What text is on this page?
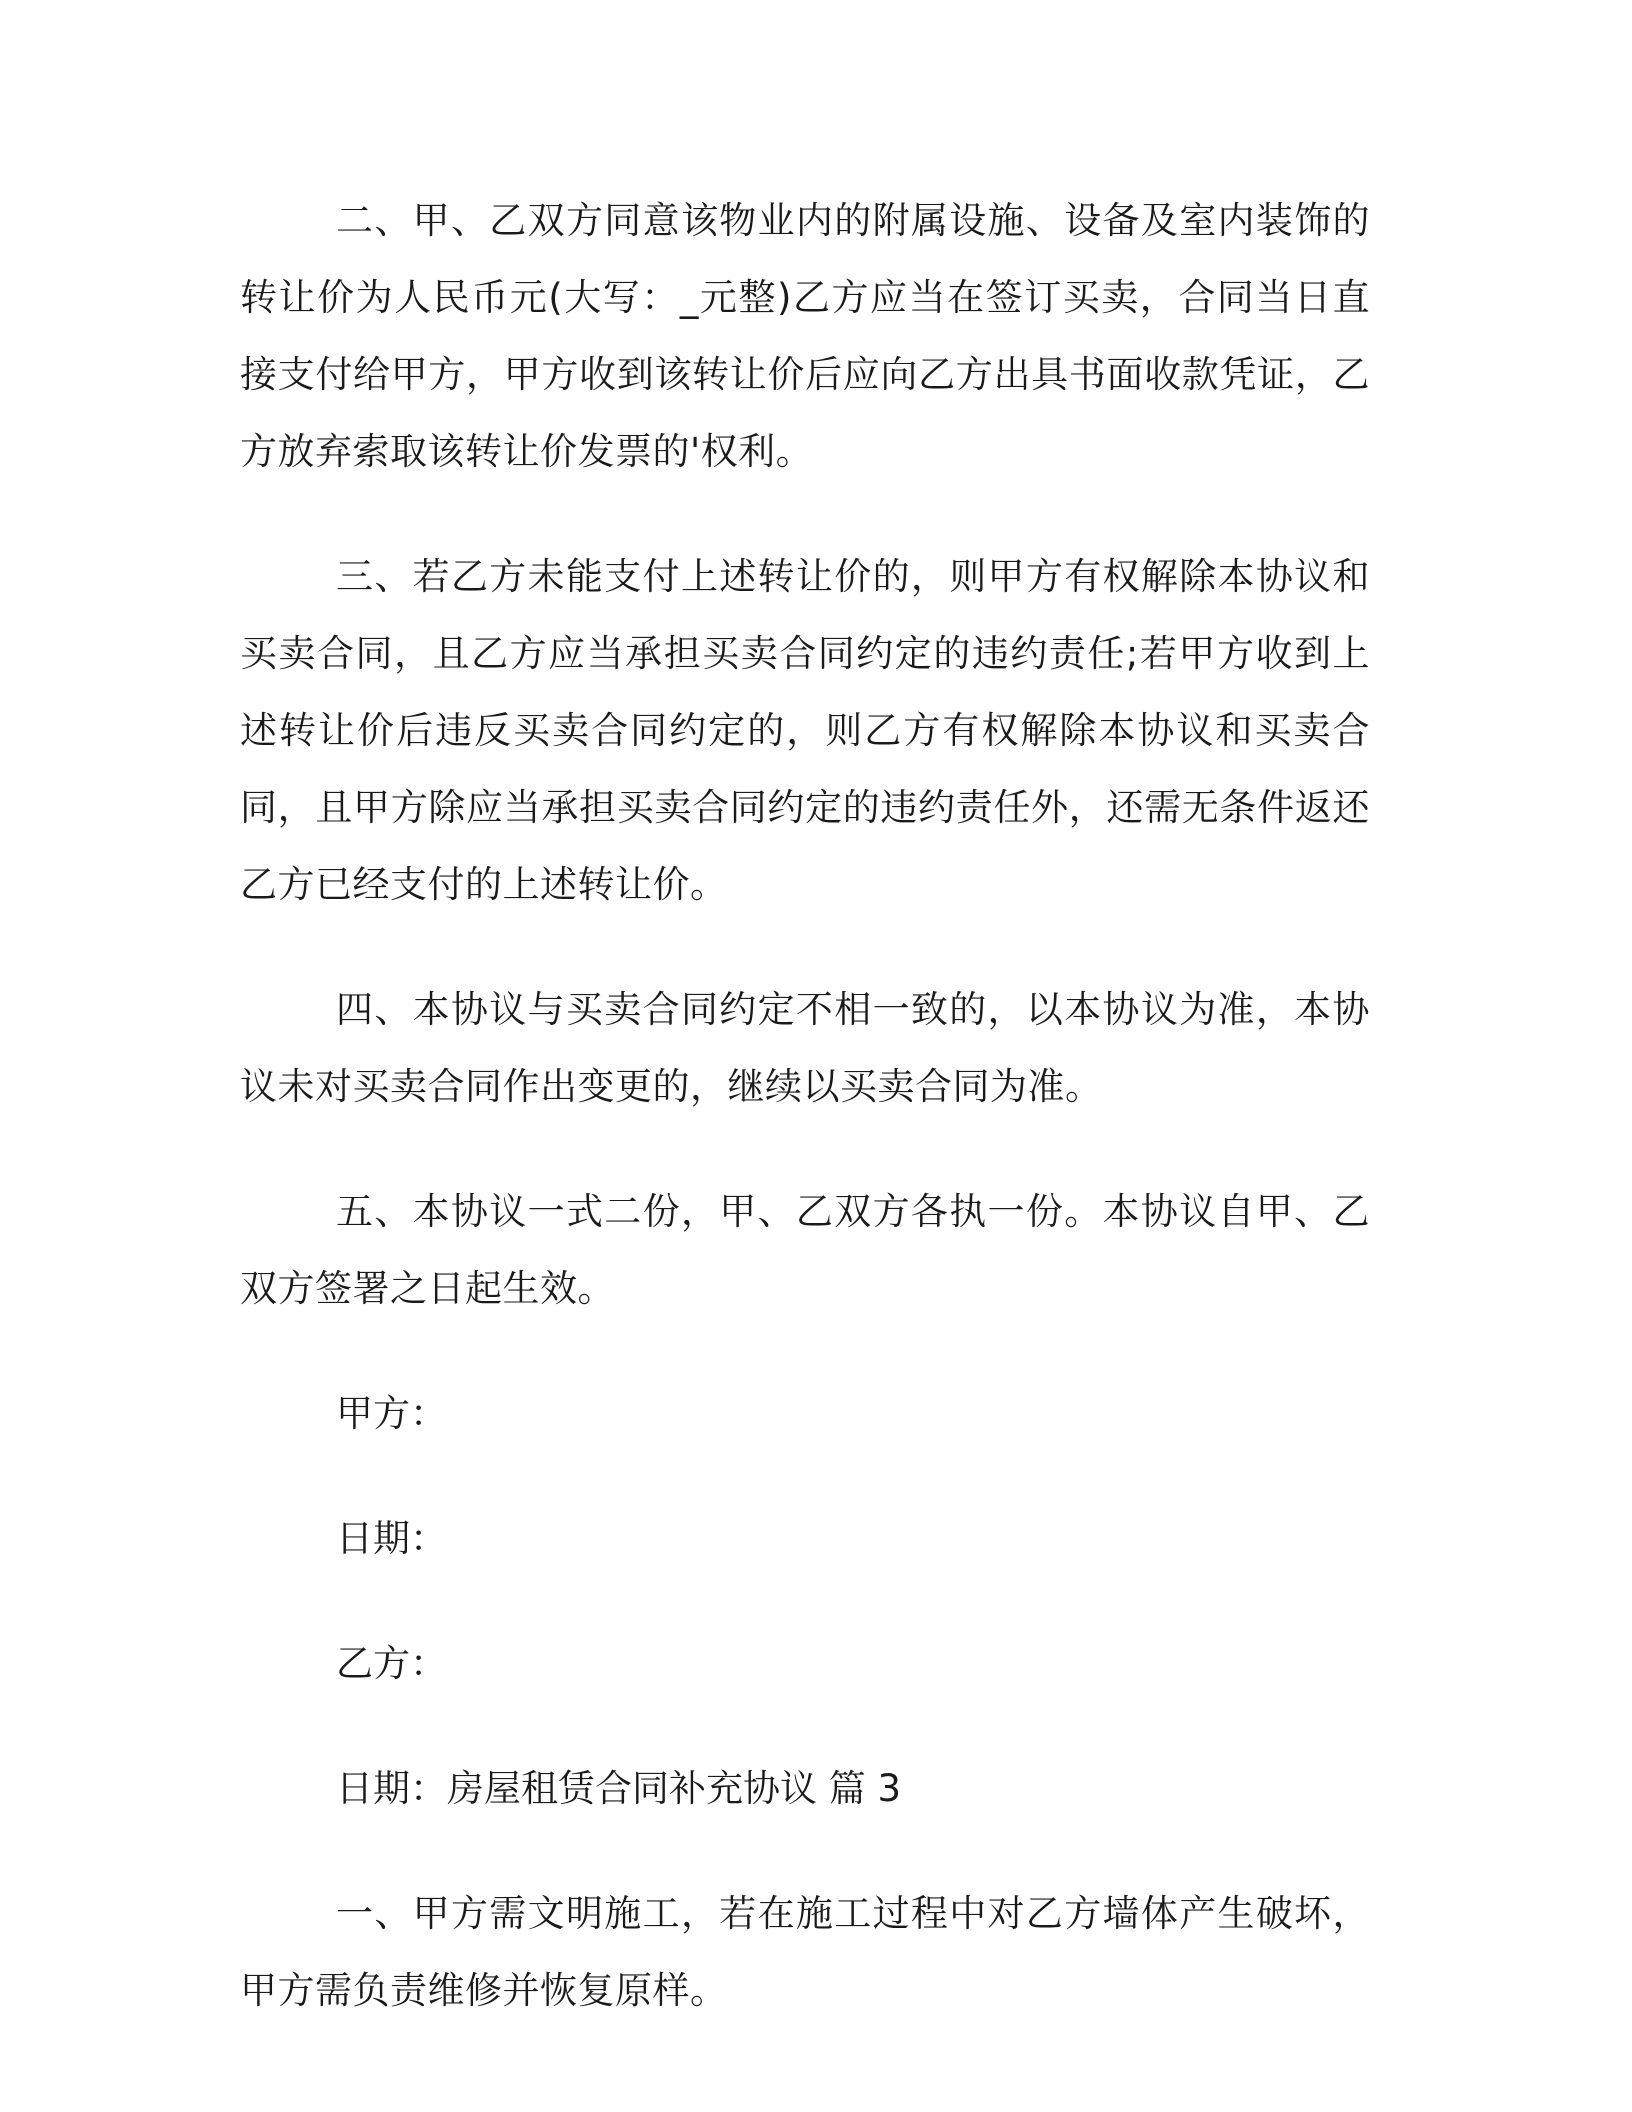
二、甲、乙双方同意该物业内的附属设施、设备及室内装饰的转让价为人民币元(大写：_元整)乙方应当在签订买卖，合同当日直接支付给甲方，甲方收到该转让价后应向乙方出具书面收款凭证，乙方放弃索取该转让价发票的'权利。

三、若乙方未能支付上述转让价的，则甲方有权解除本协议和买卖合同，且乙方应当承担买卖合同约定的违约责任;若甲方收到上述转让价后违反买卖合同约定的，则乙方有权解除本协议和买卖合同，且甲方除应当承担买卖合同约定的违约责任外，还需无条件返还乙方已经支付的上述转让价。

四、本协议与买卖合同约定不相一致的，以本协议为准，本协议未对买卖合同作出变更的，继续以买卖合同为准。

五、本协议一式二份，甲、乙双方各执一份。本协议自甲、乙双方签署之日起生效。

甲方：

日期：

乙方：

日期：房屋租赁合同补充协议 篇 3

一、甲方需文明施工，若在施工过程中对乙方墙体产生破坏，甲方需负责维修并恢复原样。
